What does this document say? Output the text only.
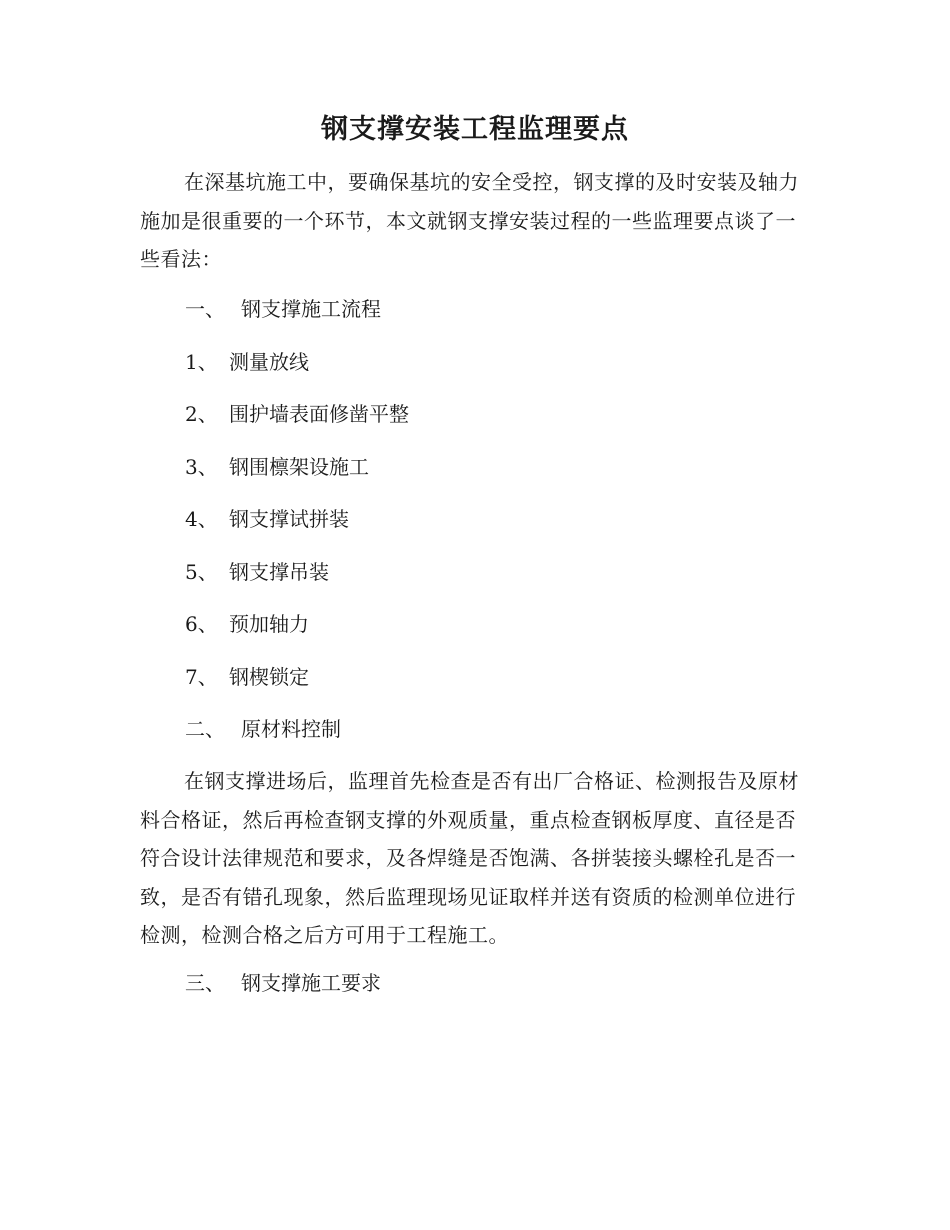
钢支撑安装工程监理要点

在深基坑施工中，要确保基坑的安全受控，钢支撑的及时安装及轴力施加是很重要的一个环节，本文就钢支撑安装过程的一些监理要点谈了一些看法：

一、 钢支撑施工流程
1、 测量放线
2、 围护墙表面修凿平整
3、 钢围檩架设施工
4、 钢支撑试拼装
5、 钢支撑吊装
6、 预加轴力
7、 钢楔锁定
二、 原材料控制

在钢支撑进场后，监理首先检查是否有出厂合格证、检测报告及原材料合格证，然后再检查钢支撑的外观质量，重点检查钢板厚度、直径是否符合设计法律规范和要求，及各焊缝是否饱满、各拼装接头螺栓孔是否一致，是否有错孔现象，然后监理现场见证取样并送有资质的检测单位进行检测，检测合格之后方可用于工程施工。

三、 钢支撑施工要求
